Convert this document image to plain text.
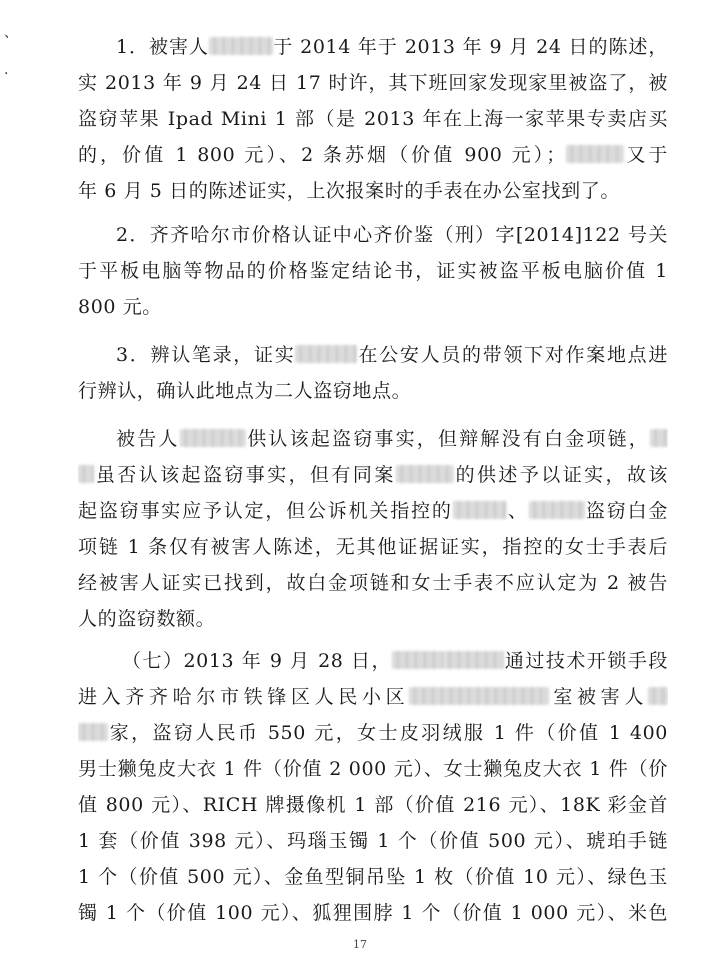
、
·
1．被害人	于 2014 年于 2013 年 9 月 24 日的陈述，
实 2013 年 9 月 24 日 17 时许，其下班回家发现家里被盗了，被
盗窃苹果 Ipad Mini 1 部（是 2013 年在上海一家苹果专卖店买
的，价值 1 800 元）、2 条苏烟（价值 900 元）；	又于
年 6 月 5 日的陈述证实，上次报案时的手表在办公室找到了。
2．齐齐哈尔市价格认证中心齐价鉴（刑）字[2014]122 号关
于平板电脑等物品的价格鉴定结论书，证实被盗平板电脑价值 1
800 元。
3．辨认笔录，证实	在公安人员的带领下对作案地点进
行辨认，确认此地点为二人盗窃地点。
被告人	供认该起盗窃事实，但辩解没有白金项链，
虽否认该起盗窃事实，但有同案	的供述予以证实，故该
起盗窃事实应予认定，但公诉机关指控的	、	盗窃白金
项链 1 条仅有被害人陈述，无其他证据证实，指控的女士手表后
经被害人证实已找到，故白金项链和女士手表不应认定为 2 被告
人的盗窃数额。
（七）2013 年 9 月 28 日，	通过技术开锁手段
进入齐齐哈尔市铁锋区人民小区	室被害人
家，盗窃人民币 550 元，女士皮羽绒服 1 件（价值 1 400
男士獭兔皮大衣 1 件（价值 2 000 元）、女士獭兔皮大衣 1 件（价
值 800 元）、RICH 牌摄像机 1 部（价值 216 元）、18K 彩金首
1 套（价值 398 元）、玛瑙玉镯 1 个（价值 500 元）、琥珀手链
1 个（价值 500 元）、金鱼型铜吊坠 1 枚（价值 10 元）、绿色玉
镯 1 个（价值 100 元）、狐狸围脖 1 个（价值 1 000 元）、米色
17
